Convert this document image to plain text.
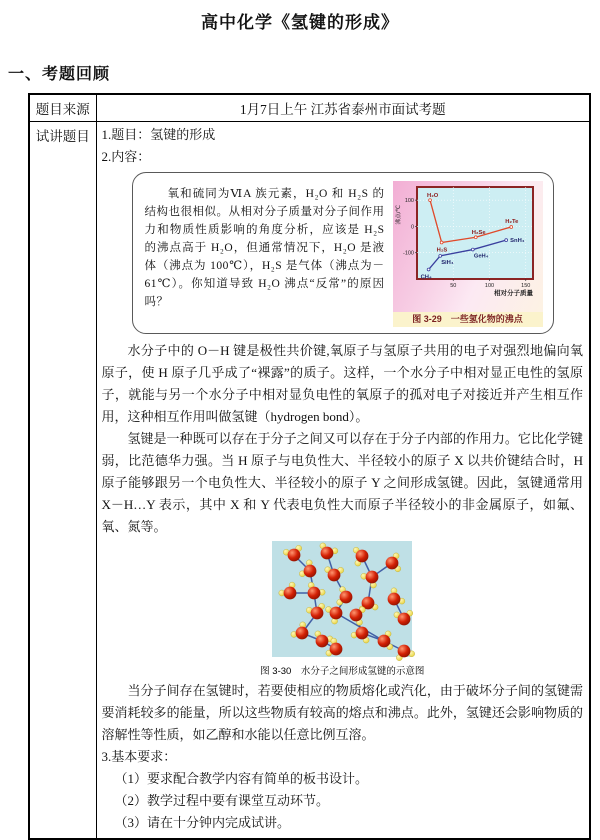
高中化学《氢键的形成》
一、考题回顾
题目来源	1月7日上午 江苏省泰州市面试考题
试讲题目	1.题目：氢键的形成
2.内容：
氧和硫同为ⅥA 族元素，H₂O 和 H₂S 的结构也很相似。从相对分子质量对分子间作用力和物质性质影响的角度分析，应该是 H₂S 的沸点高于 H₂O，但通常情况下，H₂O 是液体（沸点为 100℃），H₂S 是气体（沸点为－61℃）。你知道导致 H₂O 沸点“反常”的原因吗？
100
0
-100
50	100	150
沸点/℃
相对分子质量
H₂O
H₂S
H₂Se
H₂Te
CH₄
SiH₄
GeH₄
SnH₄
图 3-29　一些氢化物的沸点
水分子中的 O－H 键是极性共价键,氧原子与氢原子共用的电子对强烈地偏向氧原子，使 H 原子几乎成了“裸露”的质子。这样，一个水分子中相对显正电性的氢原子，就能与另一个水分子中相对显负电性的氧原子的孤对电子对接近并产生相互作用，这种相互作用叫做氢键（hydrogen bond）。
氢键是一种既可以存在于分子之间又可以存在于分子内部的作用力。它比化学键弱，比范德华力强。当 H 原子与电负性大、半径较小的原子 X 以共价键结合时，H 原子能够跟另一个电负性大、半径较小的原子 Y 之间形成氢键。因此，氢键通常用 X－H…Y 表示，其中 X 和 Y 代表电负性大而原子半径较小的非金属原子，如氟、氧、氮等。
图 3-30　水分子之间形成氢键的示意图
当分子间存在氢键时，若要使相应的物质熔化或汽化，由于破坏分子间的氢键需要消耗较多的能量，所以这些物质有较高的熔点和沸点。此外，氢键还会影响物质的溶解性等性质，如乙醇和水能以任意比例互溶。
3.基本要求：
（1）要求配合教学内容有简单的板书设计。
（2）教学过程中要有课堂互动环节。
（3）请在十分钟内完成试讲。
